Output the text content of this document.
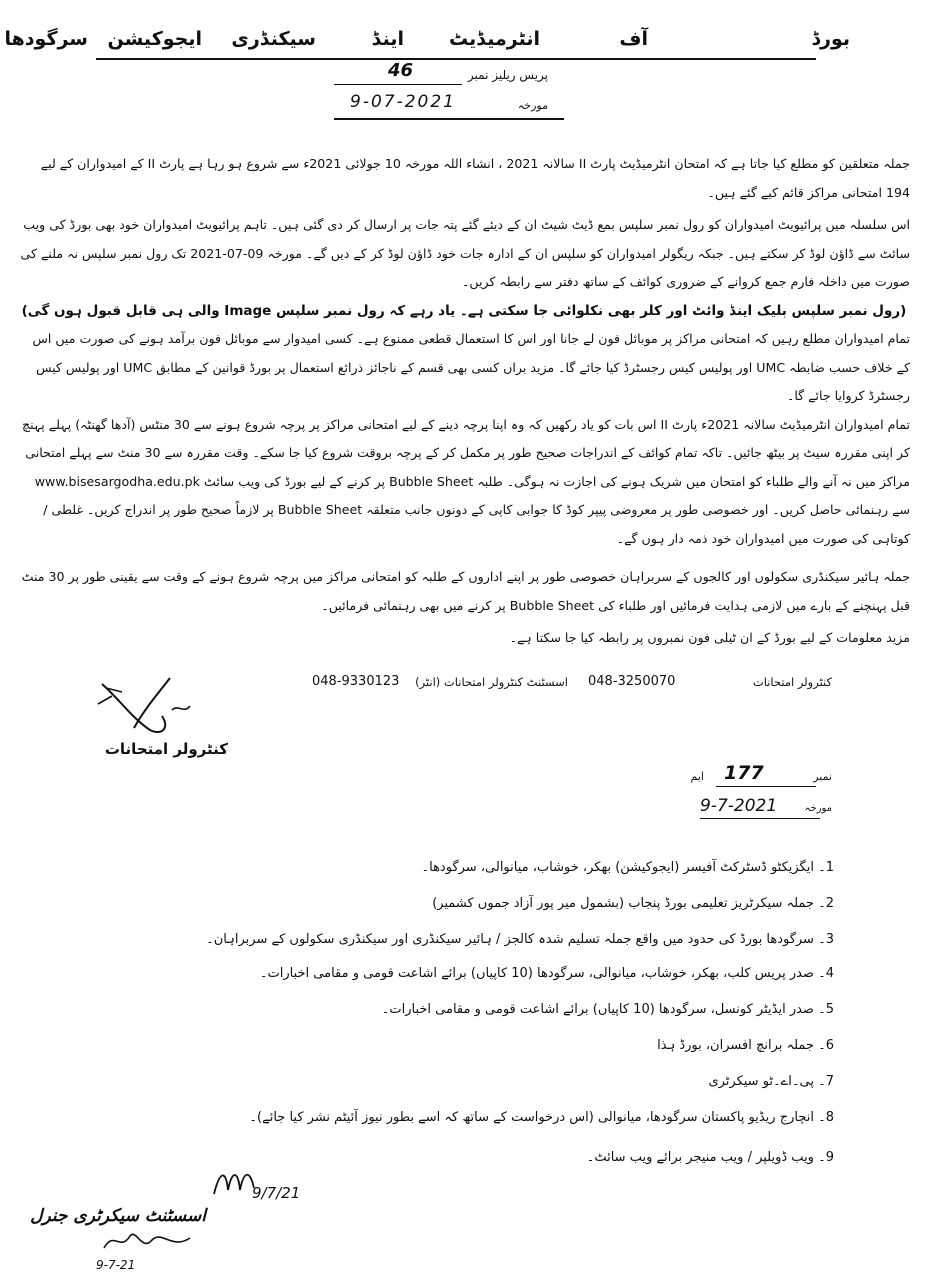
بورڈ
آف
انٹرمیڈیٹ
اینڈ
سیکنڈری
ایجوکیشن
سرگودھا
پریس ریلیز نمبر
46
مورخہ
9-07-2021

جملہ متعلقین کو مطلع کیا جاتا ہے کہ امتحان انٹرمیڈیٹ پارٹ II سالانہ 2021 ، انشاء اللہ مورخہ 10 جولائی 2021ء سے شروع ہو رہا ہے پارٹ II کے امیدواران کے لیے 194 امتحانی مراکز قائم کیے گئے ہیں۔

اس سلسلہ میں پرائیویٹ امیدواران کو رول نمبر سلپس بمع ڈیٹ شیٹ ان کے دیئے گئے پتہ جات پر ارسال کر دی گئی ہیں۔ تاہم پرائیویٹ امیدواران خود بھی بورڈ کی ویب سائٹ سے ڈاؤن لوڈ کر سکتے ہیں۔ جبکہ ریگولر امیدواران کو سلپس ان کے ادارہ جات خود ڈاؤن لوڈ کر کے دیں گے۔ مورخہ 09-07-2021 تک رول نمبر سلپس نہ ملنے کی صورت میں داخلہ فارم جمع کروانے کے ضروری کوائف کے ساتھ دفتر سے رابطہ کریں۔

(رول نمبر سلپس بلیک اینڈ وائٹ اور کلر بھی نکلوائی جا سکتی ہے۔ یاد رہے کہ رول نمبر سلپس Image والی ہی قابل قبول ہوں گی)

تمام امیدواران مطلع رہیں کہ امتحانی مراکز پر موبائل فون لے جانا اور اس کا استعمال قطعی ممنوع ہے۔ کسی امیدوار سے موبائل فون برآمد ہونے کی صورت میں اس کے خلاف حسب ضابطہ UMC اور پولیس کیس رجسٹرڈ کیا جائے گا۔ مزید براں کسی بھی قسم کے ناجائز ذرائع استعمال پر بورڈ قوانین کے مطابق UMC اور پولیس کیس رجسٹرڈ کروایا جائے گا۔

تمام امیدواران انٹرمیڈیٹ سالانہ 2021ء پارٹ II اس بات کو یاد رکھیں کہ وہ اپنا پرچہ دینے کے لیے امتحانی مراکز پر پرچہ شروع ہونے سے 30 منٹس (آدھا گھنٹہ) پہلے پہنچ کر اپنی مقررہ سیٹ پر بیٹھ جائیں۔ تاکہ تمام کوائف کے اندراجات صحیح طور پر مکمل کر کے پرچہ بروقت شروع کیا جا سکے۔ وقت مقررہ سے 30 منٹ سے پہلے امتحانی مراکز میں نہ آنے والے طلباء کو امتحان میں شریک ہونے کی اجازت نہ ہوگی۔ طلبہ Bubble Sheet پر کرنے کے لیے بورڈ کی ویب سائٹ www.bisesargodha.edu.pk سے رہنمائی حاصل کریں۔ اور خصوصی طور پر معروضی پیپر کوڈ کا جوابی کاپی کے دونوں جانب متعلقہ Bubble Sheet پر لازماً صحیح طور پر اندراج کریں۔ غلطی / کوتاہی کی صورت میں امیدواران خود ذمہ دار ہوں گے۔

جملہ ہائیر سیکنڈری سکولوں اور کالجوں کے سربراہان خصوصی طور پر اپنے اداروں کے طلبہ کو امتحانی مراکز میں پرچہ شروع ہونے کے وقت سے یقینی طور پر 30 منٹ قبل پہنچنے کے بارے میں لازمی ہدایت فرمائیں اور طلباء کی Bubble Sheet پر کرنے میں بھی رہنمائی فرمائیں۔

مزید معلومات کے لیے بورڈ کے ان ٹیلی فون نمبروں پر رابطہ کیا جا سکتا ہے۔

کنٹرولر امتحانات
048-3250070
اسسٹنٹ کنٹرولر امتحانات (انٹر)
048-9330123
کنٹرولر امتحانات
نمبر
177
ایم
مورخہ
9-7-2021
1۔ ایگزیکٹو ڈسٹرکٹ آفیسر (ایجوکیشن) بھکر، خوشاب، میانوالی، سرگودھا۔
2۔ جملہ سیکرٹریز تعلیمی بورڈ پنجاب (بشمول میر پور آزاد جموں کشمیر)
3۔ سرگودھا بورڈ کی حدود میں واقع جملہ تسلیم شدہ کالجز / ہائیر سیکنڈری اور سیکنڈری سکولوں کے سربراہان۔
4۔ صدر پریس کلب، بھکر، خوشاب، میانوالی، سرگودھا (10 کاپیاں) برائے اشاعت قومی و مقامی اخبارات۔
5۔ صدر ایڈیٹر کونسل، سرگودھا (10 کاپیاں) برائے اشاعت قومی و مقامی اخبارات۔
6۔ جملہ برانچ افسران، بورڈ ہذا
7۔ پی۔اے۔ٹو سیکرٹری
8۔ انچارج ریڈیو پاکستان سرگودھا، میانوالی (اس درخواست کے ساتھ کہ اسے بطور نیوز آئیٹم نشر کیا جائے)۔
9۔ ویب ڈویلپر / ویب منیجر برائے ویب سائٹ۔
9/7/21
اسسٹنٹ سیکرٹری جنرل
9-7-21
